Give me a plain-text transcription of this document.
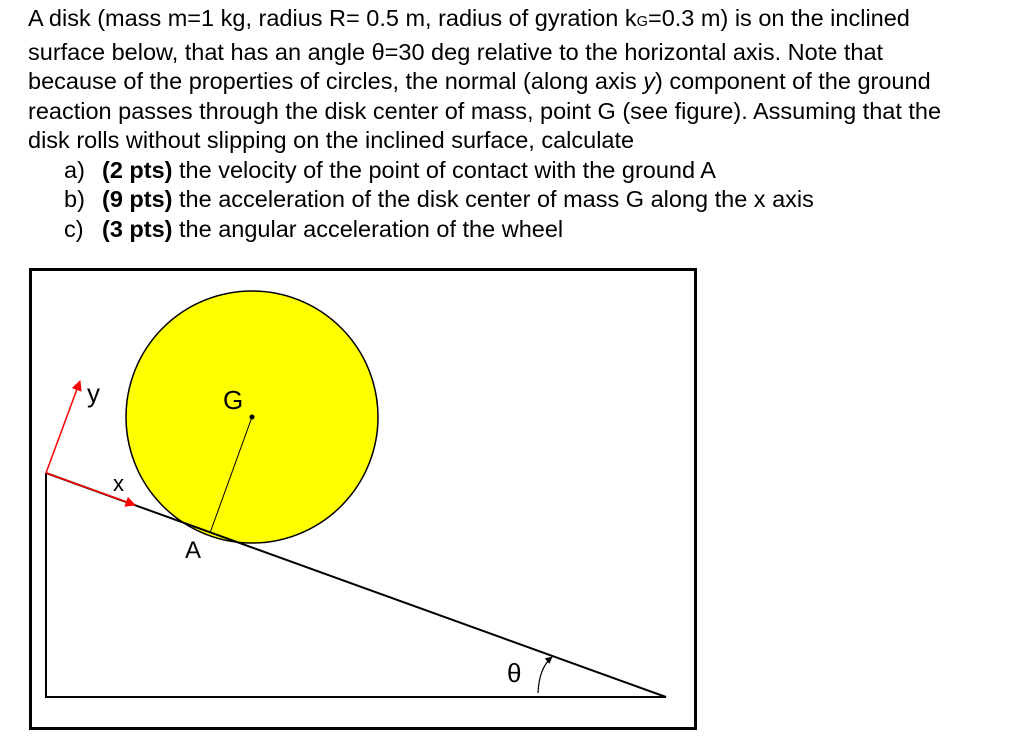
A disk (mass m=1 kg, radius R= 0.5 m, radius of gyration kG=0.3 m) is on the inclined

surface below, that has an angle θ=30 deg relative to the horizontal axis. Note that

because of the properties of circles, the normal (along axis y) component of the ground

reaction passes through the disk center of mass, point G (see figure). Assuming that the

disk rolls without slipping on the inclined surface, calculate

a) (2 pts) the velocity of the point of contact with the ground A
b) (9 pts) the acceleration of the disk center of mass G along the x axis
c) (3 pts) the angular acceleration of the wheel
y
x
G
A
θ
